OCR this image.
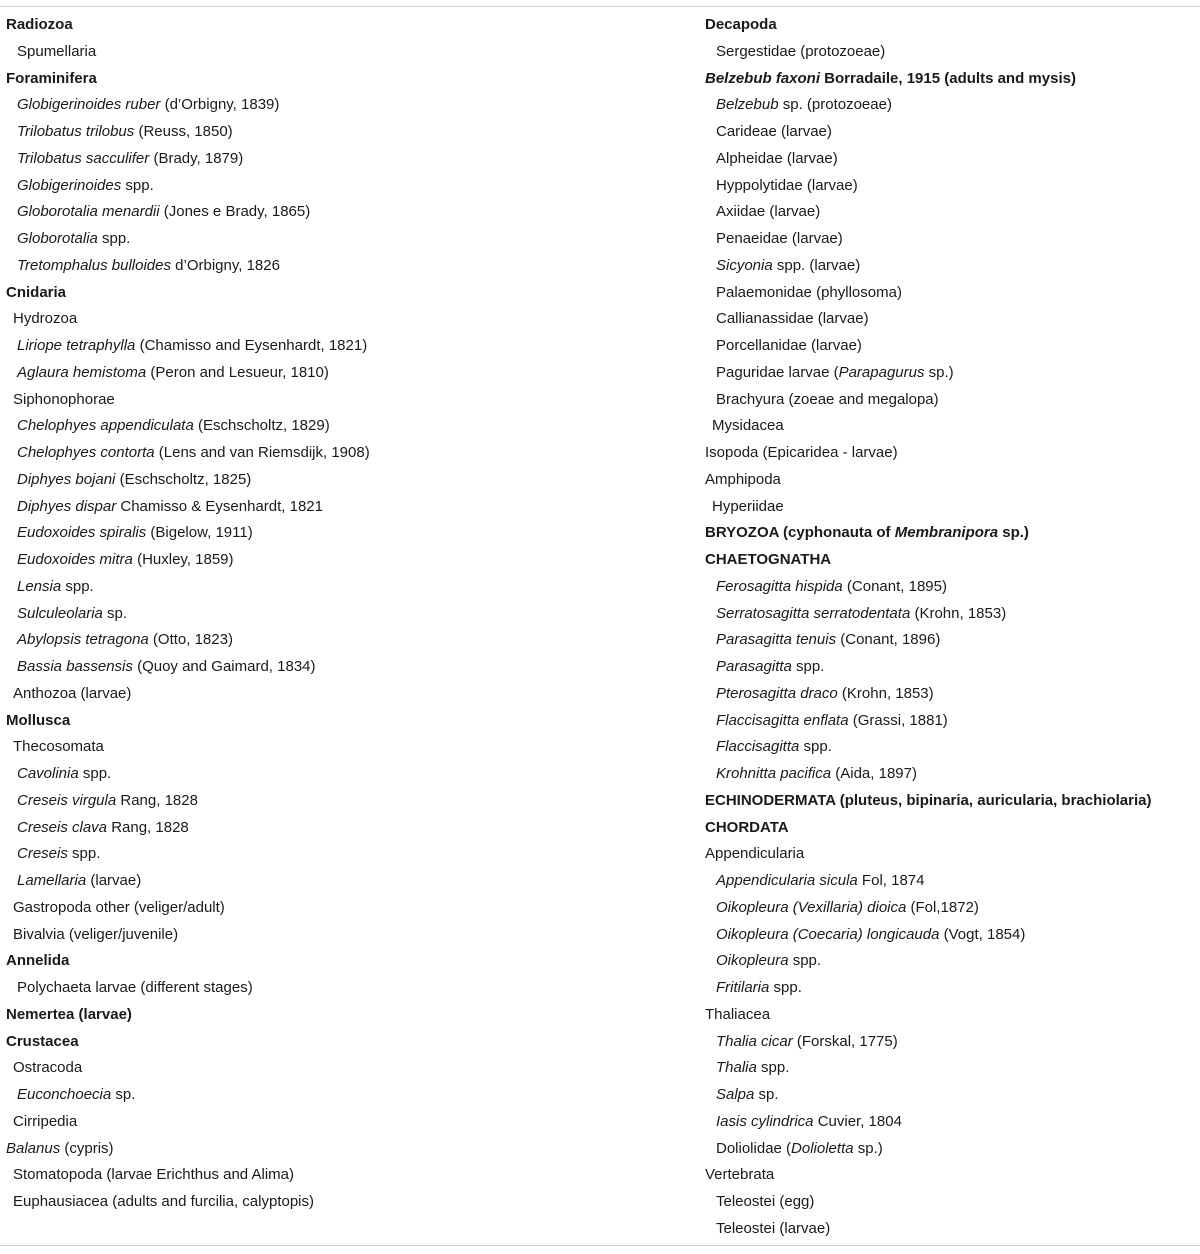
Radiozoa
Spumellaria
Foraminifera
Globigerinoides ruber (d’Orbigny, 1839)
Trilobatus trilobus (Reuss, 1850)
Trilobatus sacculifer (Brady, 1879)
Globigerinoides spp.
Globorotalia menardii (Jones e Brady, 1865)
Globorotalia spp.
Tretomphalus bulloides d’Orbigny, 1826
Cnidaria
Hydrozoa
Liriope tetraphylla (Chamisso and Eysenhardt, 1821)
Aglaura hemistoma (Peron and Lesueur, 1810)
Siphonophorae
Chelophyes appendiculata (Eschscholtz, 1829)
Chelophyes contorta (Lens and van Riemsdijk, 1908)
Diphyes bojani (Eschscholtz, 1825)
Diphyes dispar Chamisso & Eysenhardt, 1821
Eudoxoides spiralis (Bigelow, 1911)
Eudoxoides mitra (Huxley, 1859)
Lensia spp.
Sulculeolaria sp.
Abylopsis tetragona (Otto, 1823)
Bassia bassensis (Quoy and Gaimard, 1834)
Anthozoa (larvae)
Mollusca
Thecosomata
Cavolinia spp.
Creseis virgula Rang, 1828
Creseis clava Rang, 1828
Creseis spp.
Lamellaria (larvae)
Gastropoda other (veliger/adult)
Bivalvia (veliger/juvenile)
Annelida
Polychaeta larvae (different stages)
Nemertea (larvae)
Crustacea
Ostracoda
Euconchoecia sp.
Cirripedia
Balanus (cypris)
Stomatopoda (larvae Erichthus and Alima)
Euphausiacea (adults and furcilia, calyptopis)
Decapoda
Sergestidae (protozoeae)
Belzebub faxoni Borradaile, 1915 (adults and mysis)
Belzebub sp. (protozoeae)
Carideae (larvae)
Alpheidae (larvae)
Hyppolytidae (larvae)
Axiidae (larvae)
Penaeidae (larvae)
Sicyonia spp. (larvae)
Palaemonidae (phyllosoma)
Callianassidae (larvae)
Porcellanidae (larvae)
Paguridae larvae (Parapagurus sp.)
Brachyura (zoeae and megalopa)
Mysidacea
Isopoda (Epicaridea - larvae)
Amphipoda
Hyperiidae
BRYOZOA (cyphonauta of Membranipora sp.)
CHAETOGNATHA
Ferosagitta hispida (Conant, 1895)
Serratosagitta serratodentata (Krohn, 1853)
Parasagitta tenuis (Conant, 1896)
Parasagitta spp.
Pterosagitta draco (Krohn, 1853)
Flaccisagitta enflata (Grassi, 1881)
Flaccisagitta spp.
Krohnitta pacifica (Aida, 1897)
ECHINODERMATA (pluteus, bipinaria, auricularia, brachiolaria)
CHORDATA
Appendicularia
Appendicularia sicula Fol, 1874
Oikopleura (Vexillaria) dioica (Fol,1872)
Oikopleura (Coecaria) longicauda (Vogt, 1854)
Oikopleura spp.
Fritilaria spp.
Thaliacea
Thalia cicar (Forskal, 1775)
Thalia spp.
Salpa sp.
Iasis cylindrica Cuvier, 1804
Doliolidae (Dolioletta sp.)
Vertebrata
Teleostei (egg)
Teleostei (larvae)
